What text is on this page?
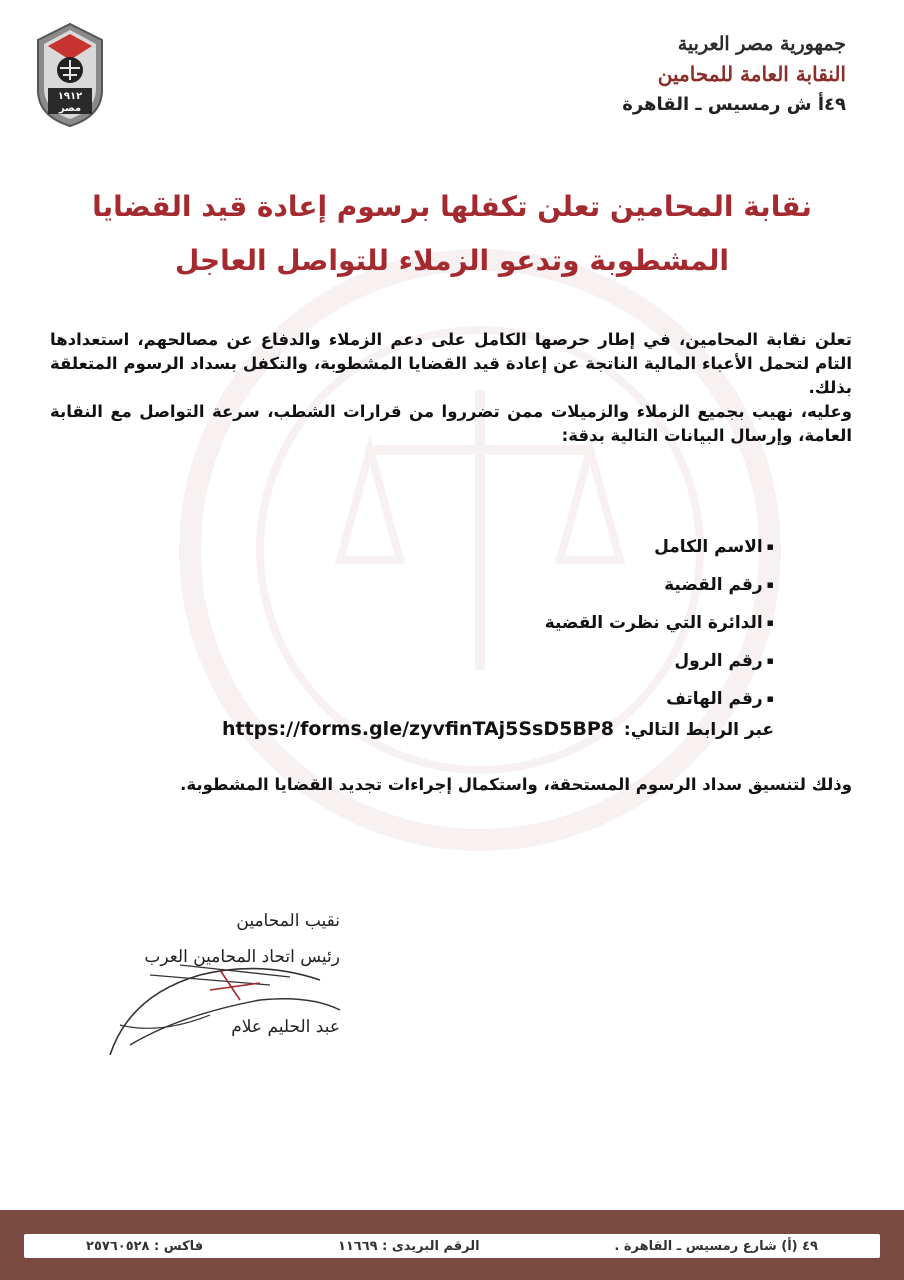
١٩١٢
مصر
جمهورية مصر العربية
النقابة العامة للمحامين
٤٩أ ش رمسيس ـ القاهرة
نقابة المحامين تعلن تكفلها برسوم إعادة قيد القضايا
المشطوبة وتدعو الزملاء للتواصل العاجل

تعلن نقابة المحامين، في إطار حرصها الكامل على دعم الزملاء والدفاع عن مصالحهم، استعدادها التام لتحمل الأعباء المالية الناتجة عن إعادة قيد القضايا المشطوبة، والتكفل بسداد الرسوم المتعلقة بذلك.

وعليه، نهيب بجميع الزملاء والزميلات ممن تضرروا من قرارات الشطب، سرعة التواصل مع النقابة العامة، وإرسال البيانات التالية بدقة:

▪ الاسم الكامل
▪ رقم القضية
▪ الدائرة التي نظرت القضية
▪ رقم الرول
▪ رقم الهاتف
عبر الرابط التالي: https://forms.gle/zyvfinTAj5SsD5BP8
وذلك لتنسيق سداد الرسوم المستحقة، واستكمال إجراءات تجديد القضايا المشطوبة.
نقيب المحامين
رئيس اتحاد المحامين العرب
عبد الحليم علام
٤٩ (أ) شارع رمسيس ـ القاهرة .
الرقم البريدى : ١١٦٦٩
فاكس : ٢٥٧٦٠٥٢٨
